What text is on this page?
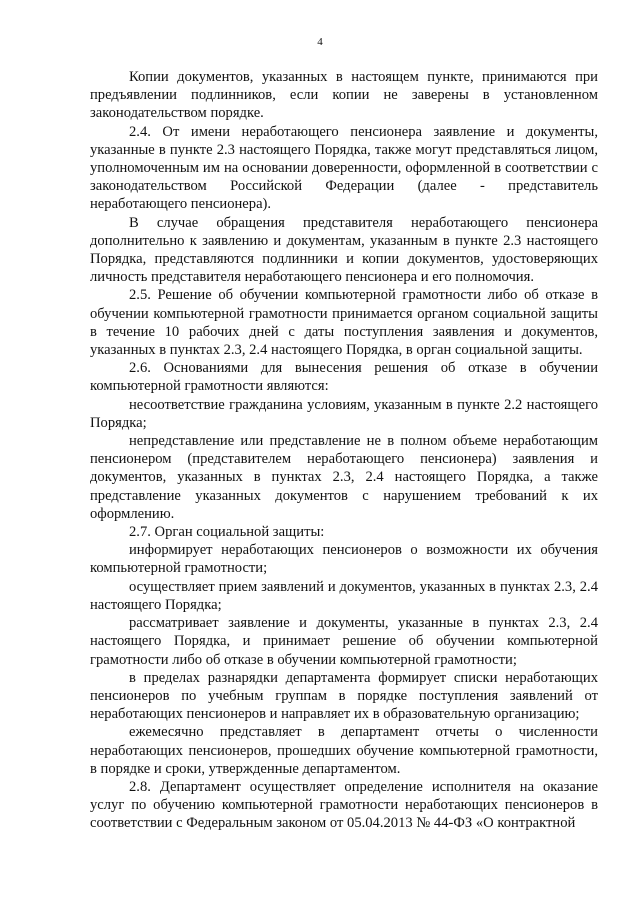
4

Копии документов, указанных в настоящем пункте, принимаются при предъявлении подлинников, если копии не заверены в установленном законодательством порядке.

2.4. От имени неработающего пенсионера заявление и документы, указанные в пункте 2.3 настоящего Порядка, также могут представляться лицом, уполномоченным им на основании доверенности, оформленной в соответствии с законодательством Российской Федерации (далее - представитель неработающего пенсионера).

В случае обращения представителя неработающего пенсионера дополнительно к заявлению и документам, указанным в пункте 2.3 настоящего Порядка, представляются подлинники и копии документов, удостоверяющих личность представителя неработающего пенсионера и его полномочия.

2.5. Решение об обучении компьютерной грамотности либо об отказе в обучении компьютерной грамотности принимается органом социальной защиты в течение 10 рабочих дней с даты поступления заявления и документов, указанных в пунктах 2.3, 2.4 настоящего Порядка, в орган социальной защиты.

2.6. Основаниями для вынесения решения об отказе в обучении компьютерной грамотности являются:

несоответствие гражданина условиям, указанным в пункте 2.2 настоящего Порядка;

непредставление или представление не в полном объеме неработающим пенсионером (представителем неработающего пенсионера) заявления и документов, указанных в пунктах 2.3, 2.4 настоящего Порядка, а также представление указанных документов с нарушением требований к их оформлению.

2.7. Орган социальной защиты:

информирует неработающих пенсионеров о возможности их обучения компьютерной грамотности;

осуществляет прием заявлений и документов, указанных в пунктах 2.3, 2.4 настоящего Порядка;

рассматривает заявление и документы, указанные в пунктах 2.3, 2.4 настоящего Порядка, и принимает решение об обучении компьютерной грамотности либо об отказе в обучении компьютерной грамотности;

в пределах разнарядки департамента формирует списки неработающих пенсионеров по учебным группам в порядке поступления заявлений от неработающих пенсионеров и направляет их в образовательную организацию;

ежемесячно представляет в департамент отчеты о численности неработающих пенсионеров, прошедших обучение компьютерной грамотности, в порядке и сроки, утвержденные департаментом.

2.8. Департамент осуществляет определение исполнителя на оказание услуг по обучению компьютерной грамотности неработающих пенсионеров в соответствии с Федеральным законом от 05.04.2013 № 44-ФЗ «О контрактной
